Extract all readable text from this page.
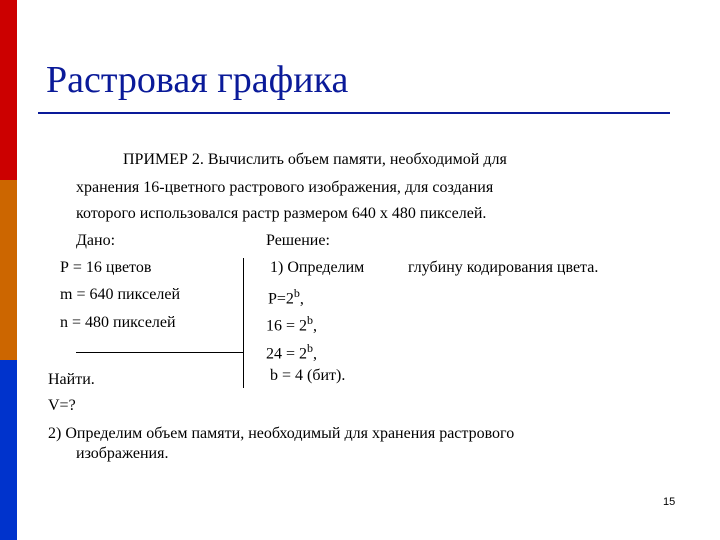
Растровая графика
ПРИМЕР 2. Вычислить объем памяти, необходимой для
хранения 16-цветного растрового изображения, для создания
которого использовался растр размером 640 х 480 пикселей.
Дано:	Решение:
Р = 16 цветов
m = 640 пикселей
n = 480 пикселей
Найти.
V=?
1) Определим	глубину кодирования цвета.
$P=2^b$,
$16 = 2^b$,
$24 = 2^b$,
b = 4 (бит).
2) Определим объем памяти, необходимый для хранения растрового
изображения.
15
